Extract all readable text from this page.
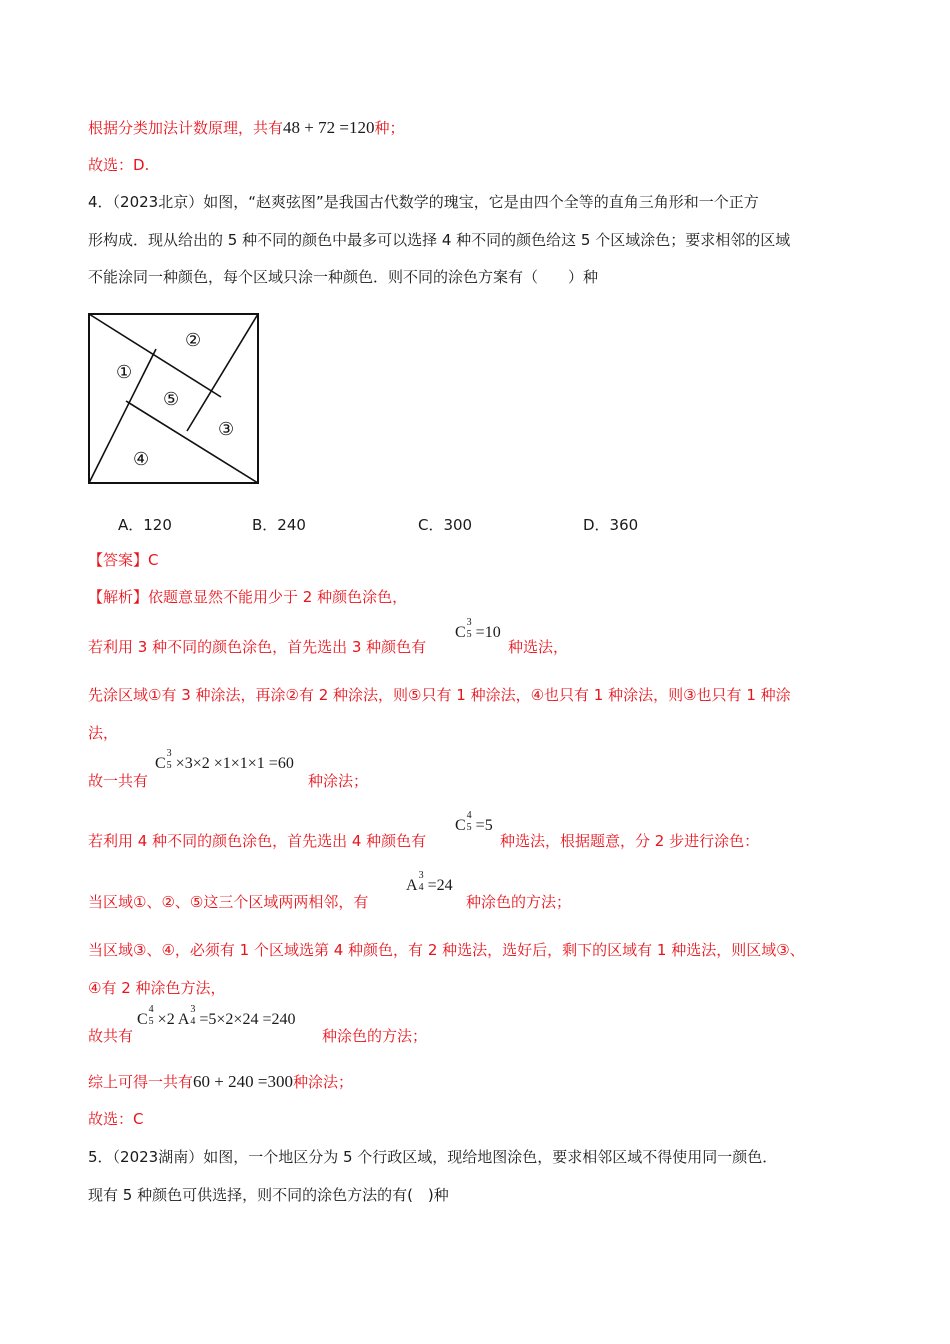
根据分类加法计数原理，共有48 + 72 =120种；
故选：D.
4．（2023北京）如图，“赵爽弦图”是我国古代数学的瑰宝，它是由四个全等的直角三角形和一个正方
形构成．现从给出的 5 种不同的颜色中最多可以选择 4 种不同的颜色给这 5 个区域涂色；要求相邻的区域
不能涂同一种颜色，每个区域只涂一种颜色．则不同的涂色方案有（　　）种
①
②
③
④
⑤
A．120	B．240	C．300	D．360
【答案】C
【解析】依题意显然不能用少于 2 种颜色涂色，
若利用 3 种不同的颜色涂色，首先选出 3 种颜色有
C
3
5 =10
种选法，
先涂区域①有 3 种涂法，再涂②有 2 种涂法，则⑤只有 1 种涂法，④也只有 1 种涂法，则③也只有 1 种涂
法，
故一共有
C
3
5 ×3×2 ×1×1×1 =60
种涂法；
若利用 4 种不同的颜色涂色，首先选出 4 种颜色有
C
4
5 =5
种选法，根据题意，分 2 步进行涂色：
当区域①、②、⑤这三个区域两两相邻，有
A
3
4 =24
种涂色的方法；
当区域③、④，必须有 1 个区域选第 4 种颜色，有 2 种选法，选好后，剩下的区域有 1 种选法，则区域③、
④有 2 种涂色方法，
故共有
C
4
5 ×2 A
3
4 =5×2×24 =240
种涂色的方法；
综上可得一共有60 + 240 =300种涂法；
故选：C
5．（2023湖南）如图，一个地区分为 5 个行政区域，现给地图涂色，要求相邻区域不得使用同一颜色．
现有 5 种颜色可供选择，则不同的涂色方法的有(　)种
